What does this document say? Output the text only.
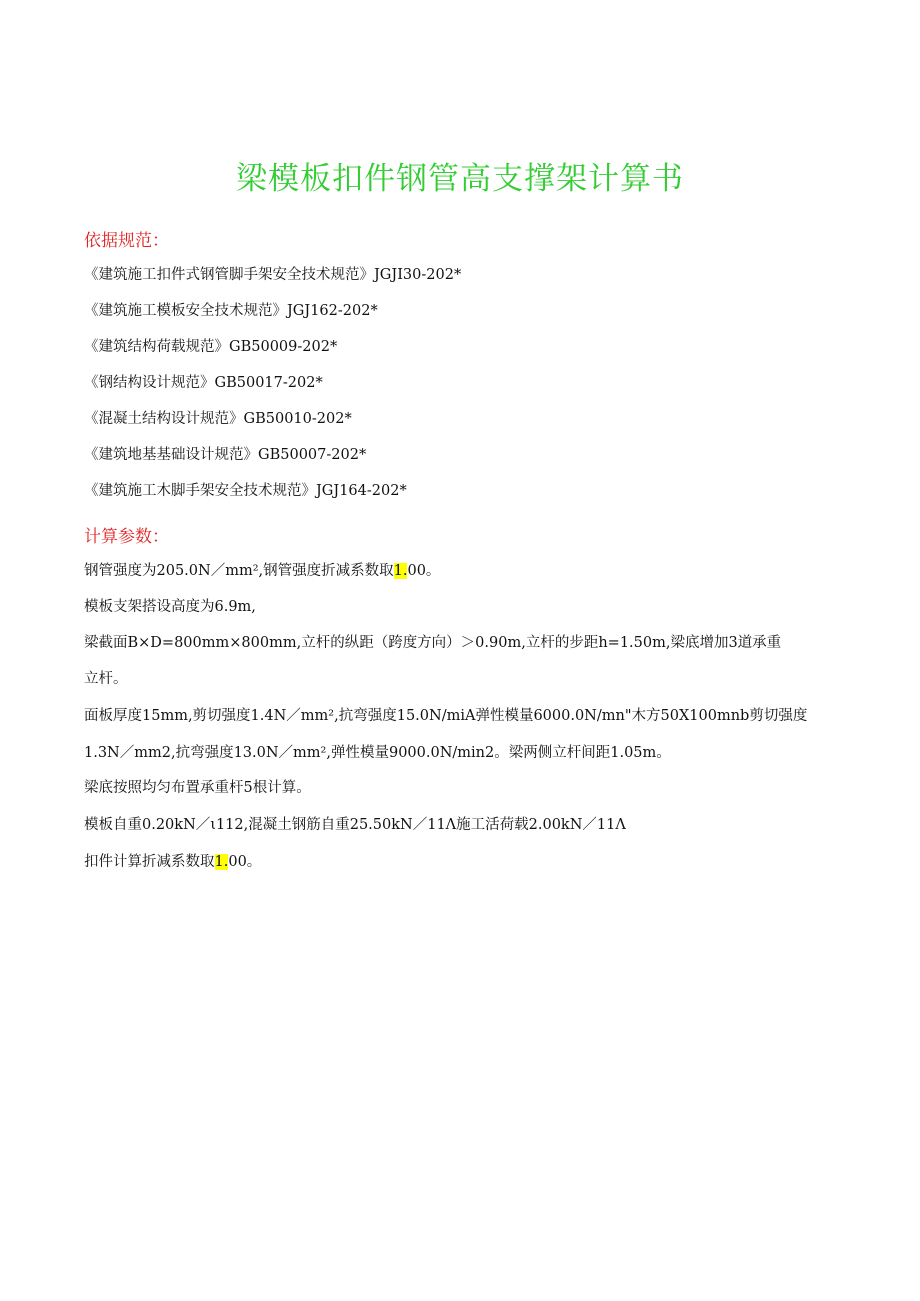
梁模板扣件钢管高支撑架计算书
依据规范：
《建筑施工扣件式钢管脚手架安全技术规范》JGJI30-202*
《建筑施工模板安全技术规范》JGJ162-202*
《建筑结构荷载规范》GB50009-202*
《钢结构设计规范》GB50017-202*
《混凝土结构设计规范》GB50010-202*
《建筑地基基础设计规范》GB50007-202*
《建筑施工木脚手架安全技术规范》JGJ164-202*
计算参数：
钢管强度为205.0N／mm²,钢管强度折减系数取1.00。
模板支架搭设高度为6.9m,
梁截面B×D=800mm×800mm,立杆的纵距（跨度方向）＞0.90m,立杆的步距h=1.50m,梁底增加3道承重
立杆。
面板厚度15mm,剪切强度1.4N／mm²,抗弯强度15.0N/miA弹性模量6000.0N/mn"木方50X100mnb剪切强度
1.3N／mm2,抗弯强度13.0N／mm²,弹性模量9000.0N/min2。梁两侧立杆间距1.05m。
梁底按照均匀布置承重杆5根计算。
模板自重0.20kN／ι112,混凝土钢筋自重25.50kN／11Λ施工活荷载2.00kN／11Λ
扣件计算折减系数取1.00。
